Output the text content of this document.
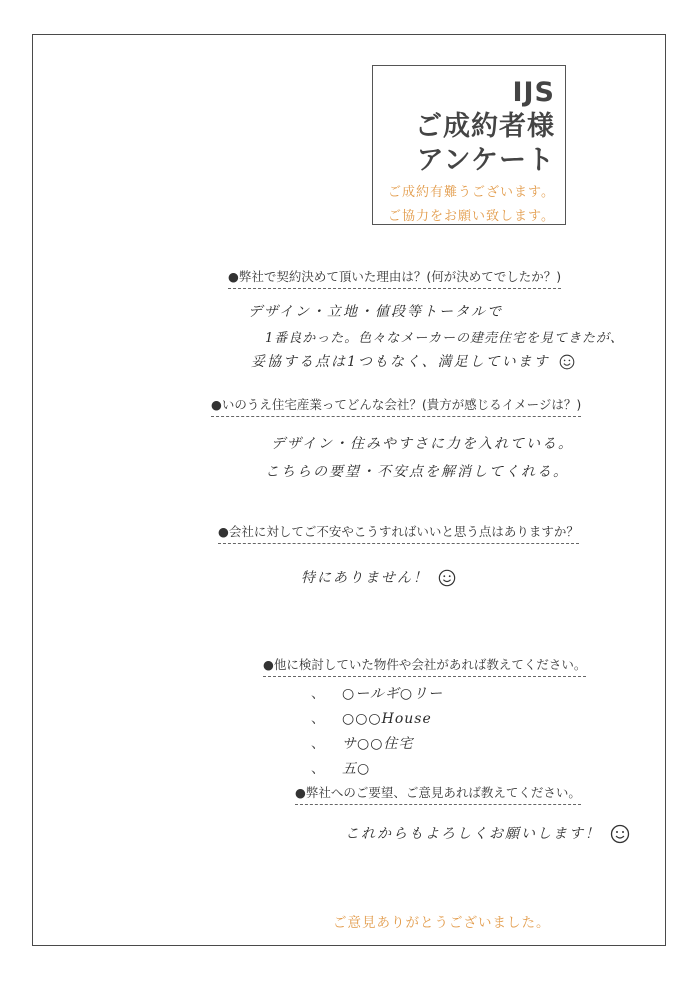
IJS
ご成約者様
アンケート
ご成約有難うございます。
ご協力をお願い致します。
●弊社で契約決めて頂いた理由は？(何が決めてでしたか？)
デザイン・立地・値段等トータルで
1番良かった。色々なメーカーの建売住宅を見てきたが、
妥協する点は1つもなく、満足しています
●いのうえ住宅産業ってどんな会社？(貴方が感じるイメージは？)
デザイン・住みやすさに力を入れている。
こちらの要望・不安点を解消してくれる。
●会社に対してご不安やこうすればいいと思う点はありますか？
特にありません！
●他に検討していた物件や会社があれば教えてください。
、 ○ールギ○リー
、 ○○○House
、 サ○○住宅
、 五○
●弊社へのご要望、ご意見あれば教えてください。
これからもよろしくお願いします！
ご意見ありがとうございました。
